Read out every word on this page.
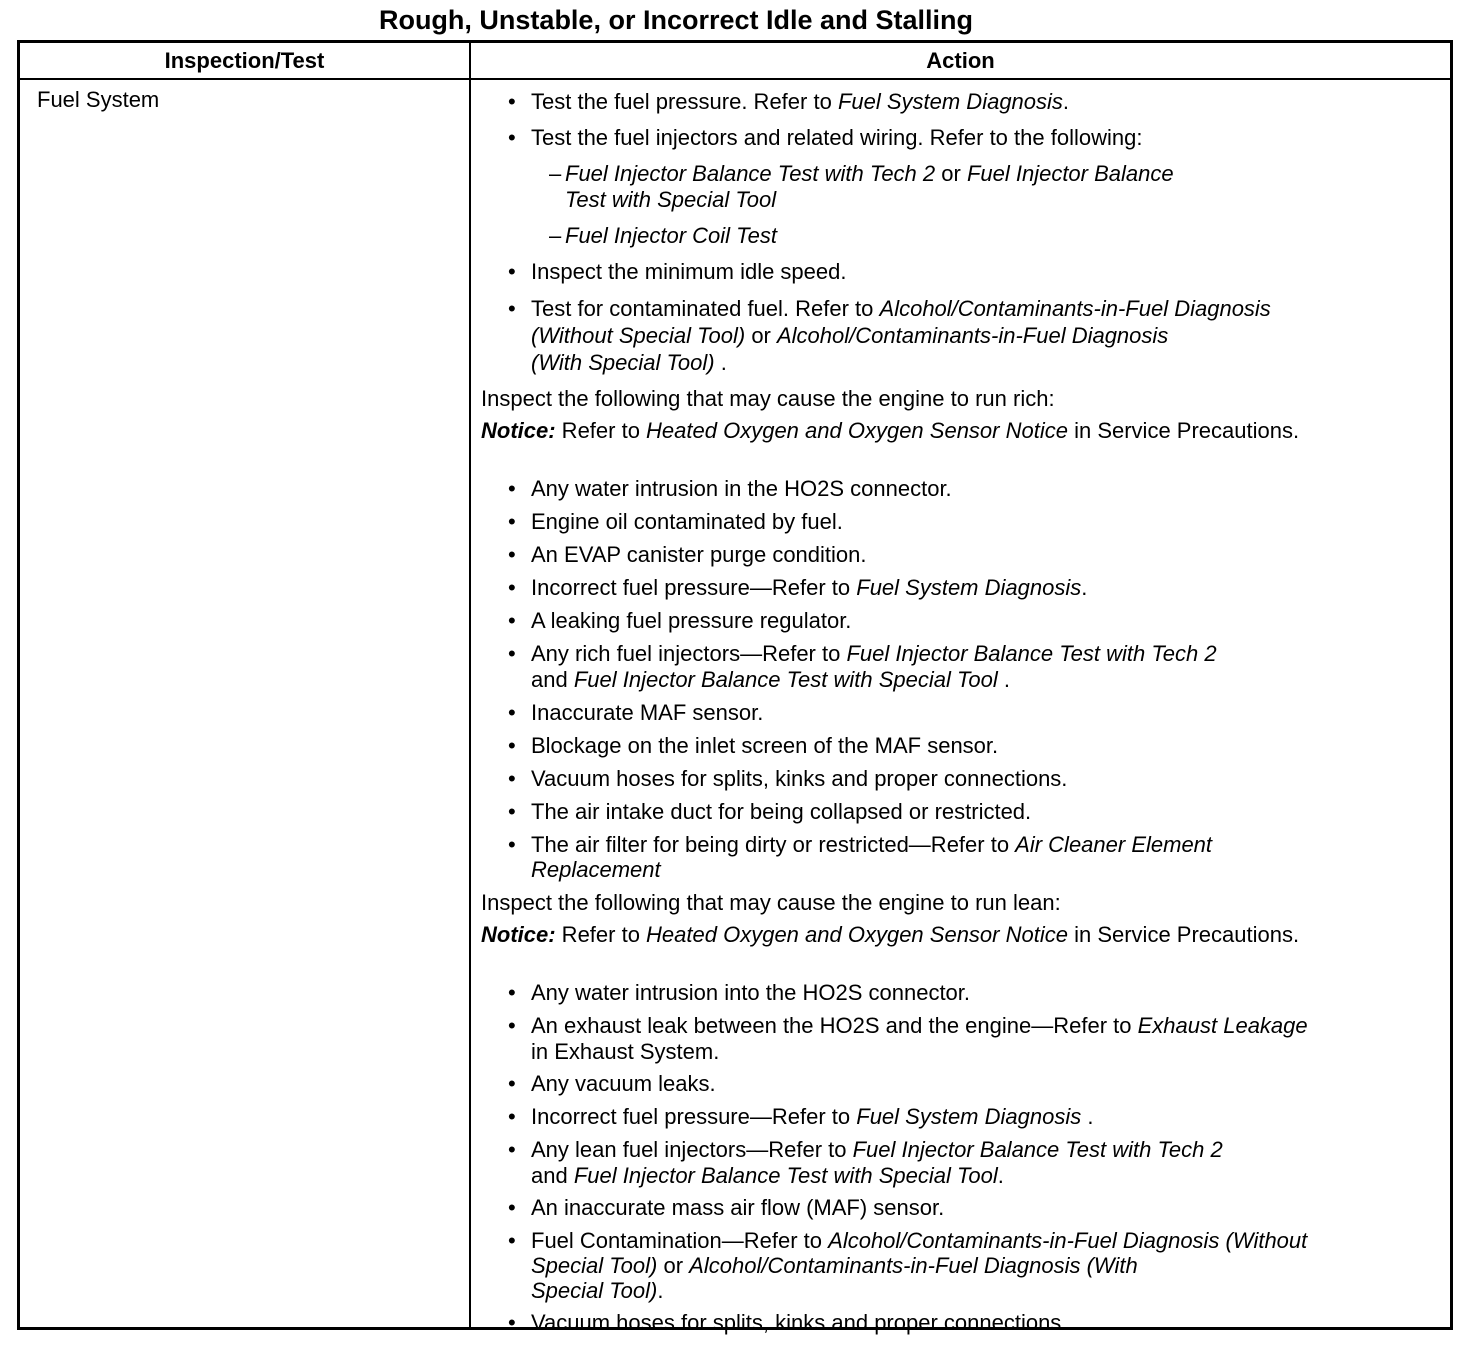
Rough, Unstable, or Incorrect Idle and Stalling
Inspection/Test	Action
Fuel System
•	Test the fuel pressure. Refer to Fuel System Diagnosis.
• Test the fuel injectors and related wiring. Refer to the following:
– Fuel Injector Balance Test with Tech 2 or Fuel Injector Balance
Test with Special Tool
– Fuel Injector Coil Test
• Inspect the minimum idle speed.
• Test for contaminated fuel. Refer to Alcohol/Contaminants-in-Fuel Diagnosis
(Without Special Tool) or Alcohol/Contaminants-in-Fuel Diagnosis
(With Special Tool) .
Inspect the following that may cause the engine to run rich:
Notice: Refer to Heated Oxygen and Oxygen Sensor Notice in Service Precautions.
• Any water intrusion in the HO2S connector.
• Engine oil contaminated by fuel.
• An EVAP canister purge condition.
• Incorrect fuel pressure—Refer to Fuel System Diagnosis.
• A leaking fuel pressure regulator.
• Any rich fuel injectors—Refer to Fuel Injector Balance Test with Tech 2
and Fuel Injector Balance Test with Special Tool .
• Inaccurate MAF sensor.
• Blockage on the inlet screen of the MAF sensor.
• Vacuum hoses for splits, kinks and proper connections.
• The air intake duct for being collapsed or restricted.
• The air filter for being dirty or restricted—Refer to Air Cleaner Element
Replacement
Inspect the following that may cause the engine to run lean:
Notice: Refer to Heated Oxygen and Oxygen Sensor Notice in Service Precautions.
• Any water intrusion into the HO2S connector.
• An exhaust leak between the HO2S and the engine—Refer to Exhaust Leakage
in Exhaust System.
• Any vacuum leaks.
• Incorrect fuel pressure—Refer to Fuel System Diagnosis .
• Any lean fuel injectors—Refer to Fuel Injector Balance Test with Tech 2
and Fuel Injector Balance Test with Special Tool.
• An inaccurate mass air flow (MAF) sensor.
• Fuel Contamination—Refer to Alcohol/Contaminants-in-Fuel Diagnosis (Without
Special Tool) or Alcohol/Contaminants-in-Fuel Diagnosis (With
Special Tool).
• Vacuum hoses for splits, kinks and proper connections.
